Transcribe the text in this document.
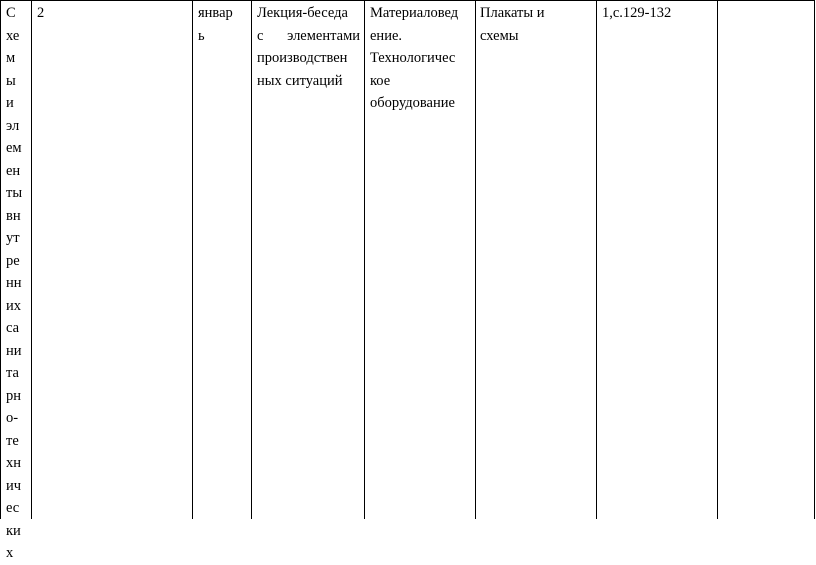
С
хе
м
ы
и
эл
ем
ен
ты
вн
ут
ре
нн
их
са
ни
та
рн
о-
те
хн
ич
ес
ки
х
2	январ
ь
Лекция-беседа
с элементами
производствен
ных ситуаций
Материаловед
ение.
Технологичес
кое
оборудование
Плакаты и
схемы
1,с.129-132
